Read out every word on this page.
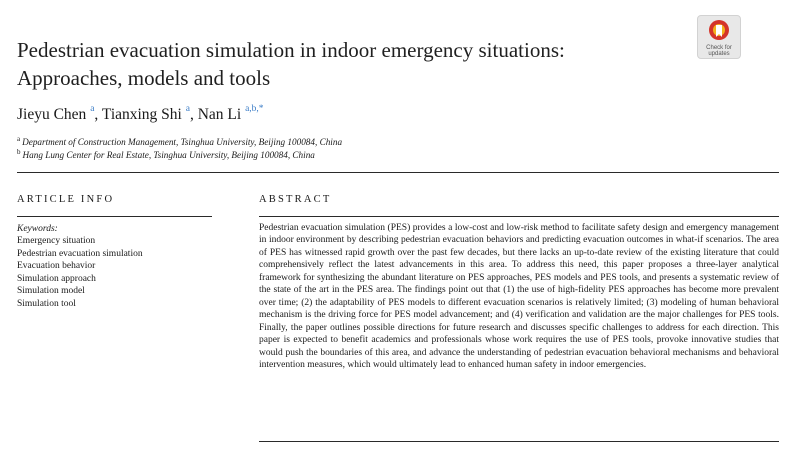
Pedestrian evacuation simulation in indoor emergency situations:
Approaches, models and tools
Check for
updates
Jieyu Chen $^a$, Tianxing Shi $^a$, Nan Li $^{a,b,*}$
$^a$ Department of Construction Management, Tsinghua University, Beijing 100084, China
$^b$ Hang Lung Center for Real Estate, Tsinghua University, Beijing 100084, China
ARTICLE INFO	ABSTRACT
Keywords:
Emergency situation
Pedestrian evacuation simulation
Evacuation behavior
Simulation approach
Simulation model
Simulation tool

Pedestrian evacuation simulation (PES) provides a low-cost and low-risk method to facilitate safety design and emergency management in indoor environment by describing pedestrian evacuation behaviors and predicting evacuation outcomes in what-if scenarios. The area of PES has witnessed rapid growth over the past few decades, but there lacks an up-to-date review of the existing literature that could comprehensively reflect the latest advancements in this area. To address this need, this paper proposes a three-layer analytical framework for synthesizing the abundant literature on PES approaches, PES models and PES tools, and presents a systematic review of the state of the art in the PES area. The findings point out that (1) the use of high-fidelity PES approaches has become more prevalent over time; (2) the adaptability of PES models to different evacuation scenarios is relatively limited; (3) modeling of human behavioral mechanism is the driving force for PES model advancement; and (4) verification and validation are the major challenges for PES tools. Finally, the paper outlines possible directions for future research and discusses specific challenges to address for each direction. This paper is expected to benefit academics and professionals whose work requires the use of PES tools, provoke innovative studies that would push the boundaries of this area, and advance the understanding of pedestrian evacuation behavioral mechanisms and behavioral intervention measures, which would ultimately lead to enhanced human safety in indoor emergencies.
